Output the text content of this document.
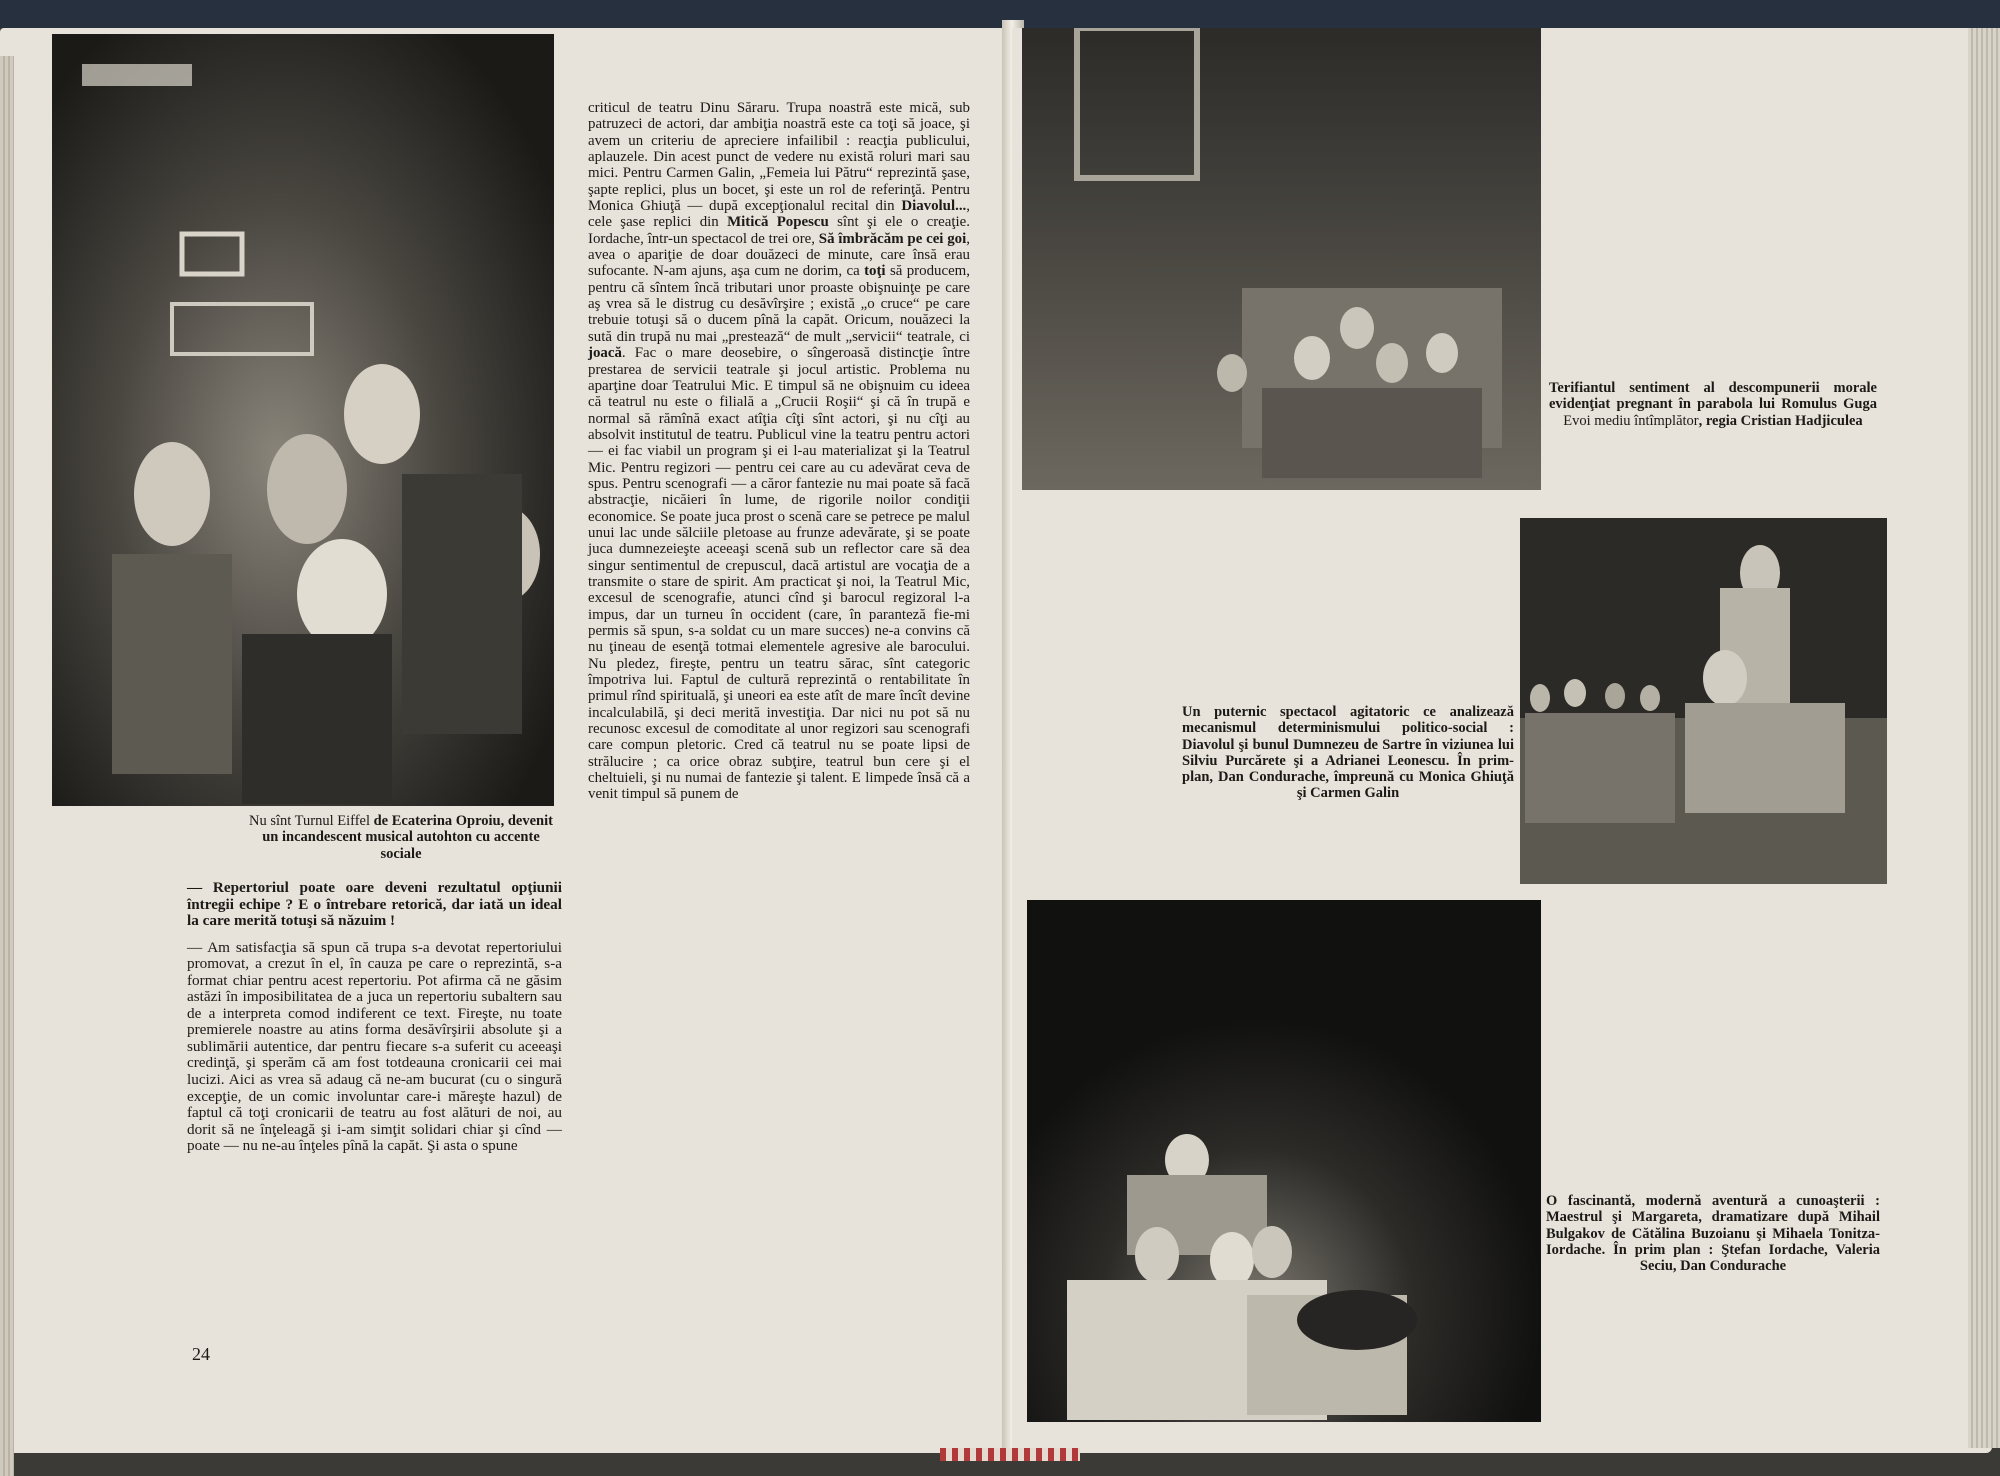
Nu sînt Turnul Eiffel de Ecaterina Oproiu, devenit un incandescent musical autohton cu accente sociale

— Repertoriul poate oare deveni rezultatul opţiunii întregii echipe ? E o întrebare retorică, dar iată un ideal la care merită totuşi să năzuim !

— Am satisfacţia să spun că trupa s-a devotat repertoriului promovat, a crezut în el, în cauza pe care o reprezintă, s-a format chiar pentru acest repertoriu. Pot afirma că ne găsim astăzi în imposibilitatea de a juca un repertoriu subaltern sau de a interpreta comod indiferent ce text. Fireşte, nu toate premierele noastre au atins forma desăvîrşirii absolute şi a sublimării autentice, dar pentru fiecare s-a suferit cu aceeaşi credinţă, şi sperăm că am fost totdeauna cronicarii cei mai lucizi. Aici as vrea să adaug că ne-am bucurat (cu o singură excepţie, de un comic involuntar care-i măreşte hazul) de faptul că toţi cronicarii de teatru au fost alături de noi, au dorit să ne înţeleagă şi i-am simţit solidari chiar şi cînd — poate — nu ne-au înţeles pînă la capăt. Şi asta o spune

criticul de teatru Dinu Săraru. Trupa noastră este mică, sub patruzeci de actori, dar ambiţia noastră este ca toţi să joace, şi avem un criteriu de apreciere infailibil : reacţia publicului, aplauzele. Din acest punct de vedere nu există roluri mari sau mici. Pentru Carmen Galin, „Femeia lui Pătru“ reprezintă şase, şapte replici, plus un bocet, şi este un rol de referinţă. Pentru Monica Ghiuţă — după excepţionalul recital din Diavolul..., cele şase replici din Mitică Popescu sînt şi ele o creaţie. Iordache, într-un spectacol de trei ore, Să îmbrăcăm pe cei goi, avea o apariţie de doar douăzeci de minute, care însă erau sufocante. N-am ajuns, aşa cum ne dorim, ca toţi să producem, pentru că sîntem încă tributari unor proaste obişnuinţe pe care aş vrea să le distrug cu desăvîrşire ; există „o cruce“ pe care trebuie totuşi să o ducem pînă la capăt. Oricum, nouăzeci la sută din trupă nu mai „prestează“ de mult „servicii“ teatrale, ci joacă. Fac o mare deosebire, o sîngeroasă distincţie între prestarea de servicii teatrale şi jocul artistic. Problema nu aparţine doar Teatrului Mic. E timpul să ne obişnuim cu ideea că teatrul nu este o filială a „Crucii Roşii“ şi că în trupă e normal să rămînă exact atîţia cîţi sînt actori, şi nu cîţi au absolvit institutul de teatru. Publicul vine la teatru pentru actori — ei fac viabil un program şi ei l-au materializat şi la Teatrul Mic. Pentru regizori — pentru cei care au cu adevărat ceva de spus. Pentru scenografi — a căror fantezie nu mai poate să facă abstracţie, nicăieri în lume, de rigorile noilor condiţii economice. Se poate juca prost o scenă care se petrece pe malul unui lac unde sălciile pletoase au frunze adevărate, şi se poate juca dumnezeieşte aceeaşi scenă sub un reflector care să dea singur sentimentul de crepuscul, dacă artistul are vocaţia de a transmite o stare de spirit. Am practicat şi noi, la Teatrul Mic, excesul de scenografie, atunci cînd şi barocul regizoral l-a impus, dar un turneu în occident (care, în paranteză fie-mi permis să spun, s-a soldat cu un mare succes) ne-a convins că nu ţineau de esenţă totmai elementele agresive ale barocului. Nu pledez, fireşte, pentru un teatru sărac, sînt categoric împotriva lui. Faptul de cultură reprezintă o rentabilitate în primul rînd spirituală, şi uneori ea este atît de mare încît devine incalculabilă, şi deci merită investiţia. Dar nici nu pot să nu recunosc excesul de comoditate al unor regizori sau scenografi care compun pletoric. Cred că teatrul nu se poate lipsi de strălucire ; ca orice obraz subţire, teatrul bun cere şi el cheltuieli, şi nu numai de fantezie şi talent. E limpede însă că a venit timpul să punem de

24
Terifiantul sentiment al descompunerii morale evidenţiat pregnant în parabola lui Romulus Guga Evoi mediu întîmplător, regia Cristian Hadjiculea
Un puternic spectacol agitatoric ce analizează mecanismul determinismului politico-social : Diavolul şi bunul Dumnezeu de Sartre în viziunea lui Silviu Purcărete şi a Adrianei Leonescu. În prim-plan, Dan Condurache, împreună cu Monica Ghiuţă şi Carmen Galin
O fascinantă, modernă aventură a cunoaşterii : Maestrul şi Margareta, dramatizare după Mihail Bulgakov de Cătălina Buzoianu şi Mihaela Tonitza-Iordache. În prim plan : Ştefan Iordache, Valeria Seciu, Dan Condurache
